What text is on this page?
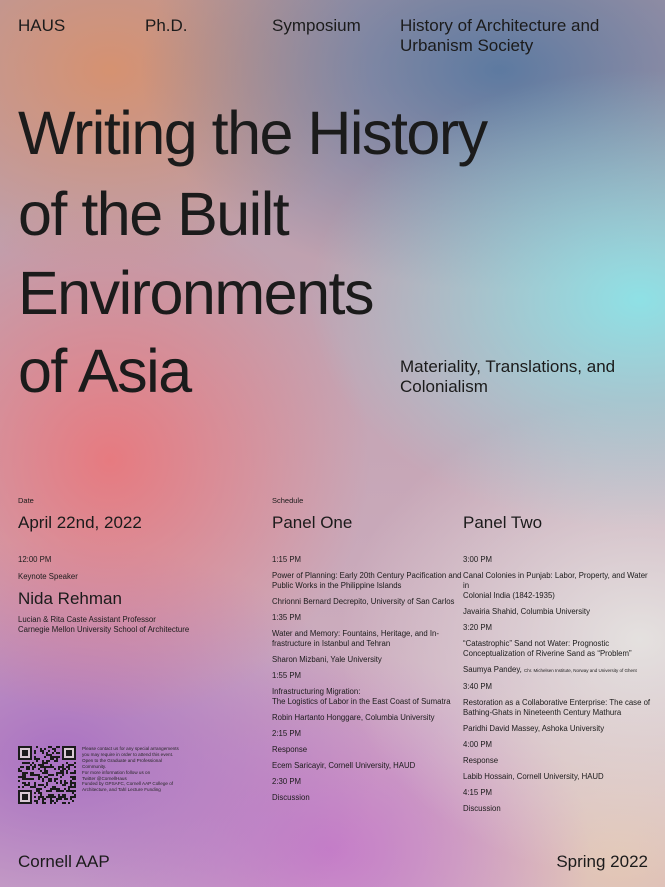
HAUS	Ph.D.	Symposium History of Architecture and
Urbanism Society
Writing the History
of the Built
Environments
of Asia	Materiality, Translations, and
Colonialism
Date
April 22nd, 2022
12:00 PM
Keynote Speaker
Nida Rehman
Lucian & Rita Caste Assistant Professor
Carnegie Mellon University School of Architecture
Schedule
Panel One	Panel Two
1:15 PM
Power of Planning: Early 20th Century Pacification and
Public Works in the Philippine Islands
Chrionni Bernard Decrepito, University of San Carlos
1:35 PM
Water and Memory: Fountains, Heritage, and In-
frastructure in Istanbul and Tehran
Sharon Mizbani, Yale University
1:55 PM
Infrastructuring Migration:
The Logistics of Labor in the East Coast of Sumatra
Robin Hartanto Honggare, Columbia University
2:15 PM
Response
Ecem Saricayir, Cornell University, HAUD
2:30 PM
Discussion
3:00 PM
Canal Colonies in Punjab: Labor, Property, and Water in
Colonial India (1842-1935)
Javairia Shahid, Columbia University
3:20 PM
“Catastrophic” Sand not Water: Prognostic
Conceptualization of Riverine Sand as “Problem”
Saumya Pandey, Chr. Michelsen Institute, Norway and University of Ghent
3:40 PM
Restoration as a Collaborative Enterprise: The case of
Bathing-Ghats in Nineteenth Century Mathura
Paridhi David Massey, Ashoka University
4:00 PM
Response
Labib Hossain, Cornell University, HAUD
4:15 PM
Discussion
Please contact us for any special arrangements
you may require in order to attend this event.
Open to the Graduate and Professional Community.
For more information follow us on
Twitter @CornellHaus
Funded by GPSAFC, Cornell AAP College of
Architecture, and Tahl Lecture Funding
Cornell AAP	Spring 2022
